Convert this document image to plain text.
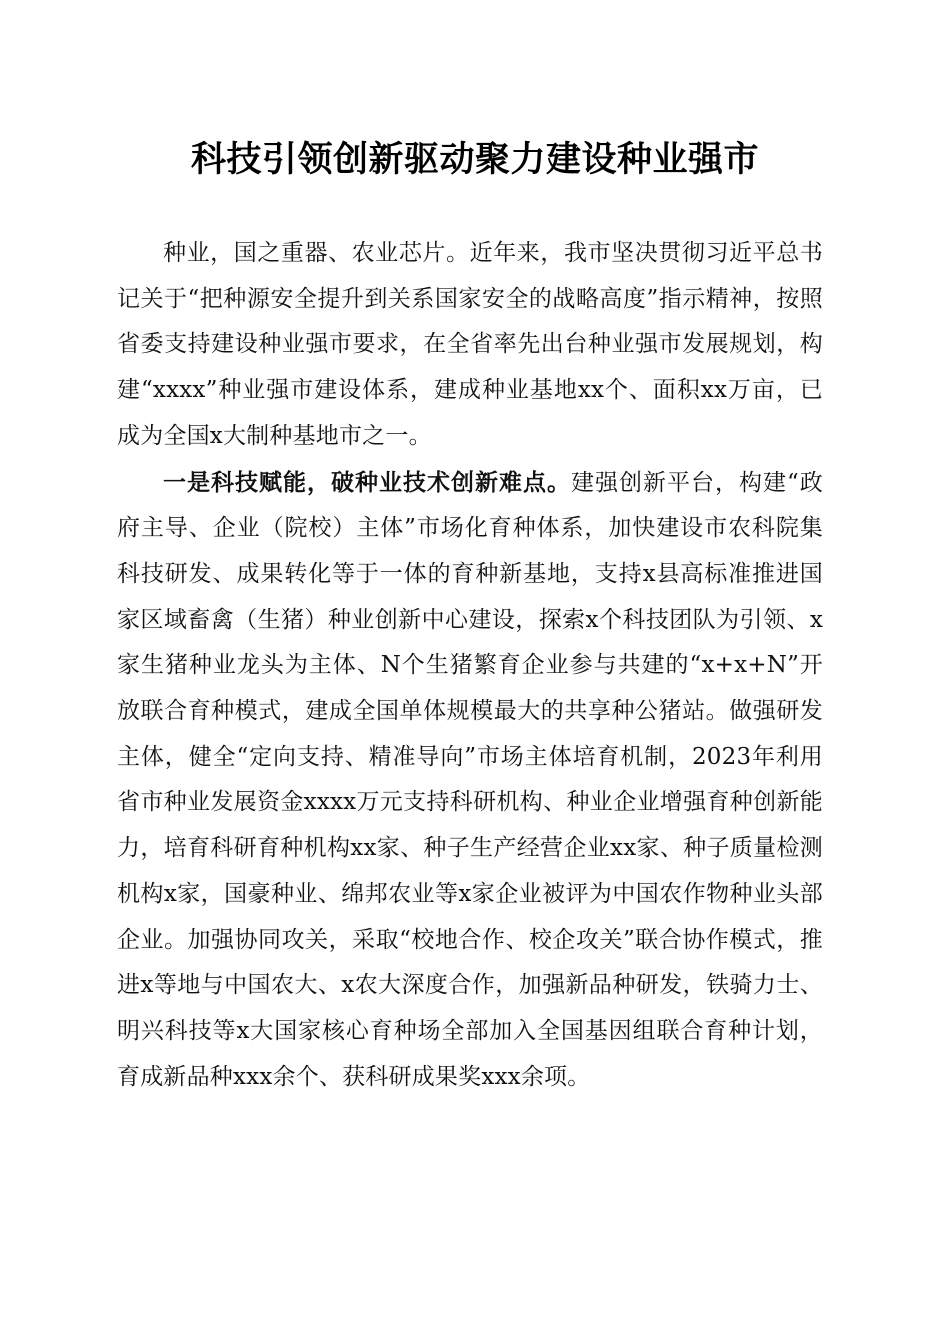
科技引领创新驱动聚力建设种业强市

种业，国之重器、农业芯片。近年来，我市坚决贯彻习近平总书记关于“把种源安全提升到关系国家安全的战略高度”指示精神，按照省委支持建设种业强市要求，在全省率先出台种业强市发展规划，构建“xxxx”种业强市建设体系，建成种业基地xx个、面积xx万亩，已成为全国x大制种基地市之一。

一是科技赋能，破种业技术创新难点。建强创新平台，构建“政府主导、企业（院校）主体”市场化育种体系，加快建设市农科院集科技研发、成果转化等于一体的育种新基地，支持x县高标准推进国家区域畜禽（生猪）种业创新中心建设，探索x个科技团队为引领、x家生猪种业龙头为主体、N个生猪繁育企业参与共建的“x+x+N”开放联合育种模式，建成全国单体规模最大的共享种公猪站。做强研发主体，健全“定向支持、精准导向”市场主体培育机制，2023年利用省市种业发展资金xxxx万元支持科研机构、种业企业增强育种创新能力，培育科研育种机构xx家、种子生产经营企业xx家、种子质量检测机构x家，国豪种业、绵邦农业等x家企业被评为中国农作物种业头部企业。加强协同攻关，采取“校地合作、校企攻关”联合协作模式，推进x等地与中国农大、x农大深度合作，加强新品种研发，铁骑力士、明兴科技等x大国家核心育种场全部加入全国基因组联合育种计划，育成新品种xxx余个、获科研成果奖xxx余项。
